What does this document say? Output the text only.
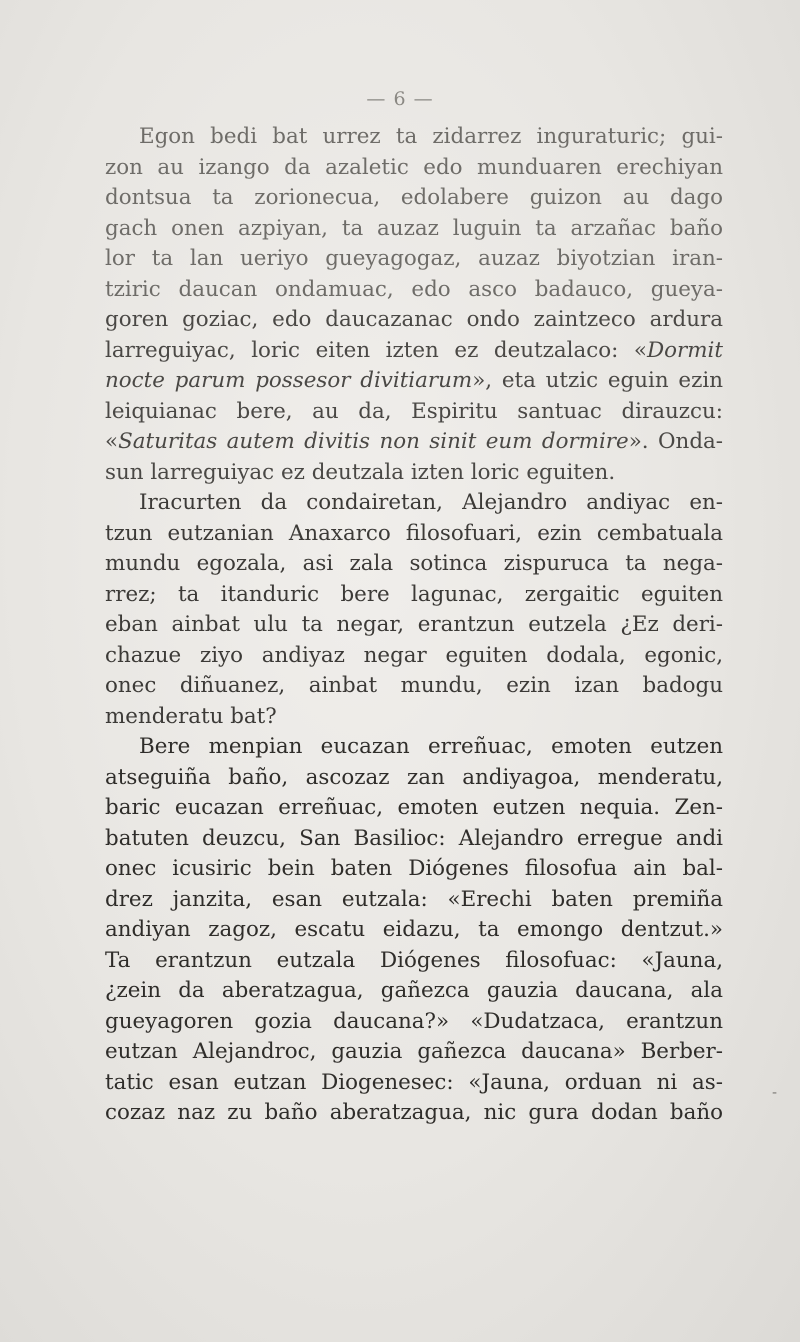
— 6 —
Egon bedi bat urrez ta zidarrez inguraturic; gui-
zon au izango da azaletic edo munduaren erechiyan
dontsua ta zorionecua, edolabere guizon au dago
gach onen azpiyan, ta auzaz luguin ta arzañac baño
lor ta lan ueriyo gueyagogaz, auzaz biyotzian iran-
tziric daucan ondamuac, edo asco badauco, gueya-
goren goziac, edo daucazanac ondo zaintzeco ardura
larreguiyac, loric eiten izten ez deutzalaco: «Dormit
nocte parum possesor divitiarum», eta utzic eguin ezin
leiquianac bere, au da, Espiritu santuac dirauzcu:
«Saturitas autem divitis non sinit eum dormire». Onda-
sun larreguiyac ez deutzala izten loric eguiten.
Iracurten da condairetan, Alejandro andiyac en-
tzun eutzanian Anaxarco filosofuari, ezin cembatuala
mundu egozala, asi zala sotinca zispuruca ta nega-
rrez; ta itanduric bere lagunac, zergaitic eguiten
eban ainbat ulu ta negar, erantzun eutzela ¿Ez deri-
chazue ziyo andiyaz negar eguiten dodala, egonic,
onec diñuanez, ainbat mundu, ezin izan badogu
menderatu bat?
Bere menpian eucazan erreñuac, emoten eutzen
atseguiña baño, ascozaz zan andiyagoa, menderatu,
baric eucazan erreñuac, emoten eutzen nequia. Zen-
batuten deuzcu, San Basilioc: Alejandro erregue andi
onec icusiric bein baten Diógenes filosofua ain bal-
drez janzita, esan eutzala: «Erechi baten premiña
andiyan zagoz, escatu eidazu, ta emongo dentzut.»
Ta erantzun eutzala Diógenes filosofuac: «Jauna,
¿zein da aberatzagua, gañezca gauzia daucana, ala
gueyagoren gozia daucana?» «Dudatzaca, erantzun
eutzan Alejandroc, gauzia gañezca daucana» Berber-
tatic esan eutzan Diogenesec: «Jauna, orduan ni as-
cozaz naz zu baño aberatzagua, nic gura dodan baño
-
